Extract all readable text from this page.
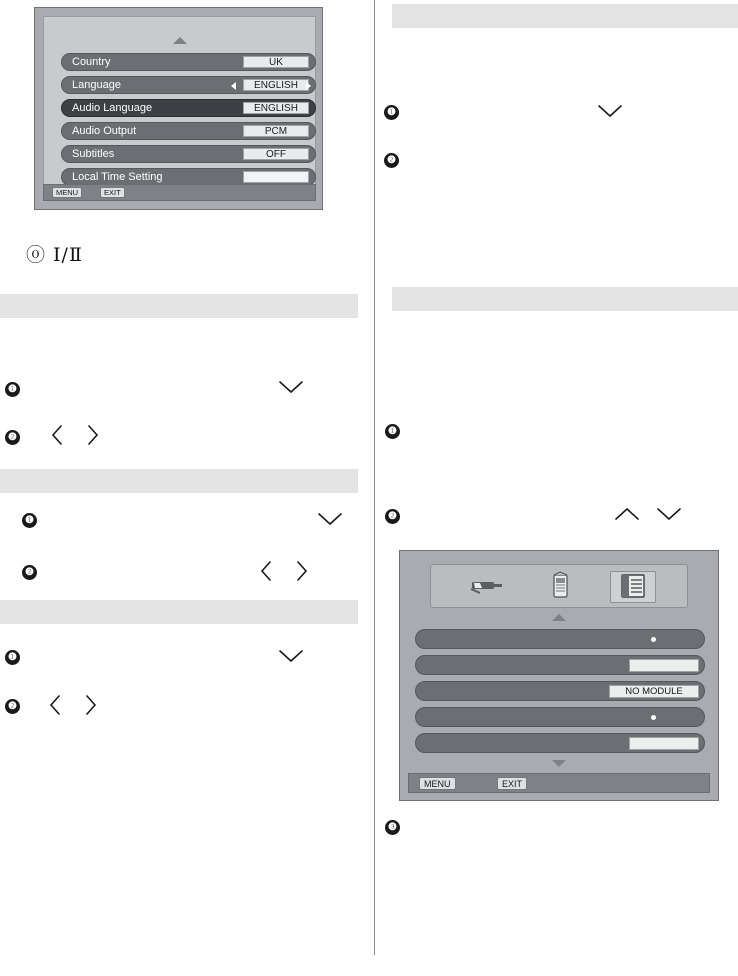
Country	UK
Language	ENGLISH
Audio Language	ENGLISH
Audio Output	PCM
Subtitles	OFF
Local Time Setting
MENU	EXIT
ⓞ I/Ⅱ
❶
❷
❶
❷
❶
❷
❶
❷
❶
❷
❸
NO MODULE
MENU	EXIT
